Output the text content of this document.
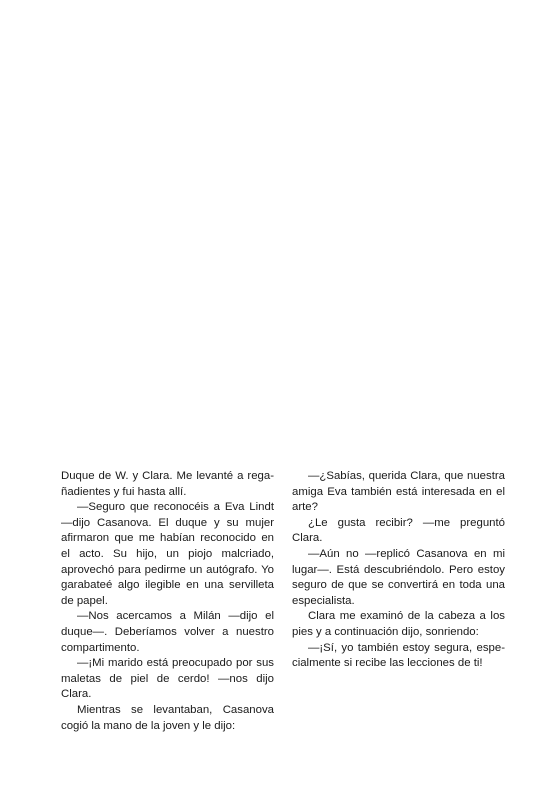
Duque de W. y Clara. Me levanté a regañadientes y fui hasta allí.

—Seguro que reconocéis a Eva Lindt —dijo Casanova. El duque y su mujer afirmaron que me habían reconocido en el acto. Su hijo, un piojo malcriado, aprovechó para pedirme un autógrafo. Yo garabateé algo ilegible en una servilleta de papel.

—Nos acercamos a Milán —dijo el duque—. Deberíamos volver a nuestro compartimento.

—¡Mi marido está preocupado por sus maletas de piel de cerdo! —nos dijo Clara.

Mientras se levantaban, Casanova cogió la mano de la joven y le dijo:

—¿Sabías, querida Clara, que nuestra amiga Eva también está interesada en el arte?

¿Le gusta recibir? —me preguntó Clara.

—Aún no —replicó Casanova en mi lugar—. Está descubriéndolo. Pero estoy seguro de que se convertirá en toda una especialista.

Clara me examinó de la cabeza a los pies y a continuación dijo, sonriendo:

—¡Sí, yo también estoy segura, especialmente si recibe las lecciones de ti!
